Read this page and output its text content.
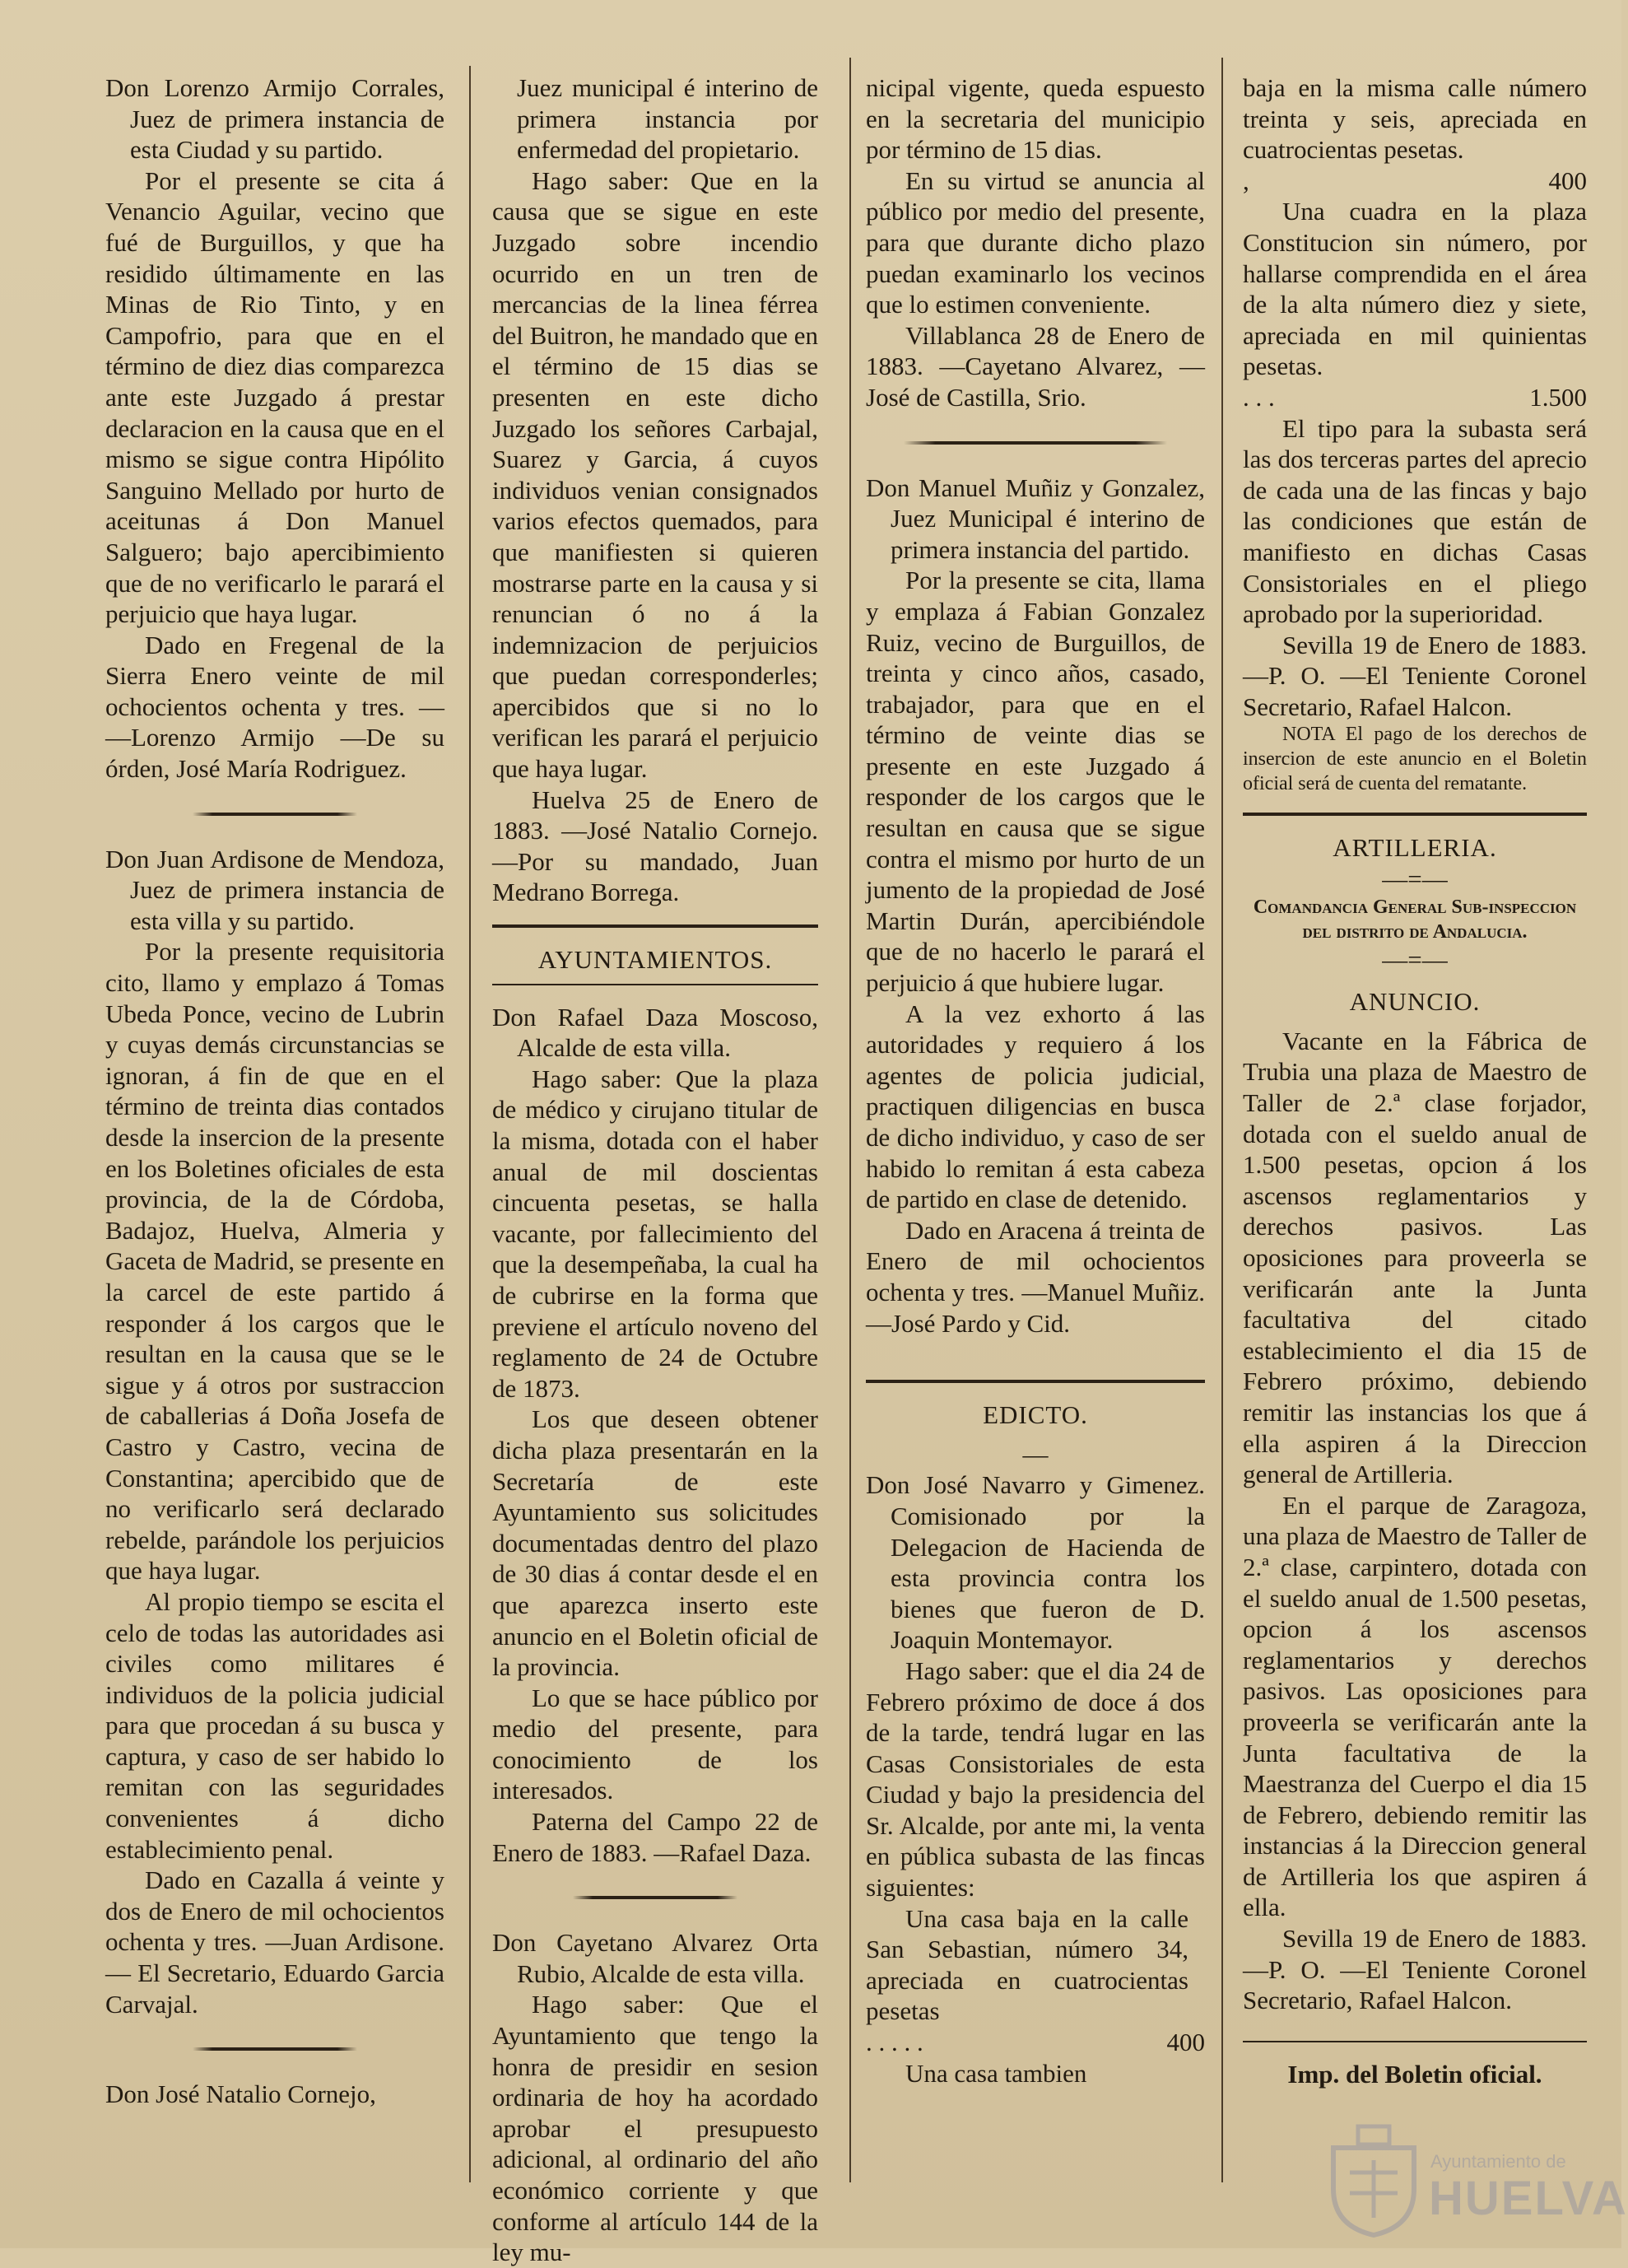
Don Lorenzo Armijo Corrales, Juez de primera instancia de esta Ciudad y su partido.

Por el presente se cita á Venancio Aguilar, vecino que fué de Burguillos, y que ha residido últimamente en las Minas de Rio Tinto, y en Campofrio, para que en el término de diez dias comparezca ante este Juzgado á prestar declaracion en la causa que en el mismo se sigue contra Hipólito Sanguino Mellado por hurto de aceitunas á Don Manuel Salguero; bajo apercibimiento que de no verificarlo le parará el perjuicio que haya lugar.

Dado en Fregenal de la Sierra Enero veinte de mil ochocientos ochenta y tres. — —Lorenzo Armijo —De su órden, José María Rodriguez.

Don Juan Ardisone de Mendoza, Juez de primera instancia de esta villa y su partido.

Por la presente requisitoria cito, llamo y emplazo á Tomas Ubeda Ponce, vecino de Lubrin y cuyas demás circunstancias se ignoran, á fin de que en el término de treinta dias contados desde la insercion de la presente en los Boletines oficiales de esta provincia, de la de Córdoba, Badajoz, Huelva, Almeria y Gaceta de Madrid, se presente en la carcel de este partido á responder á los cargos que le resultan en la causa que se le sigue y á otros por sustraccion de caballerias á Doña Josefa de Castro y Castro, vecina de Constantina; apercibido que de no verificarlo será declarado rebelde, parándole los perjuicios que haya lugar.

Al propio tiempo se escita el celo de todas las autoridades asi civiles como militares é individuos de la policia judicial para que procedan á su busca y captura, y caso de ser habido lo remitan con las seguridades convenientes á dicho establecimiento penal.

Dado en Cazalla á veinte y dos de Enero de mil ochocientos ochenta y tres. —Juan Ardisone. — El Secretario, Eduardo Garcia Carvajal.

Don José Natalio Cornejo,

Juez municipal é interino de primera instancia por enfermedad del propietario.

Hago saber: Que en la causa que se sigue en este Juzgado sobre incendio ocurrido en un tren de mercancias de la linea férrea del Buitron, he mandado que en el término de 15 dias se presenten en este dicho Juzgado los señores Carbajal, Suarez y Garcia, á cuyos individuos venian consignados varios efectos quemados, para que manifiesten si quieren mostrarse parte en la causa y si renuncian ó no á la indemnizacion de perjuicios que puedan corresponderles; apercibidos que si no lo verifican les parará el perjuicio que haya lugar.

Huelva 25 de Enero de 1883. —José Natalio Cornejo. —Por su mandado, Juan Medrano Borrega.

AYUNTAMIENTOS.

Don Rafael Daza Moscoso, Alcalde de esta villa.

Hago saber: Que la plaza de médico y cirujano titular de la misma, dotada con el haber anual de mil doscientas cincuenta pesetas, se halla vacante, por fallecimiento del que la desempeñaba, la cual ha de cubrirse en la forma que previene el artículo noveno del reglamento de 24 de Octubre de 1873.

Los que deseen obtener dicha plaza presentarán en la Secretaría de este Ayuntamiento sus solicitudes documentadas dentro del plazo de 30 dias á contar desde el en que aparezca inserto este anuncio en el Boletin oficial de la provincia.

Lo que se hace público por medio del presente, para conocimiento de los interesados.

Paterna del Campo 22 de Enero de 1883. —Rafael Daza.

Don Cayetano Alvarez Orta Rubio, Alcalde de esta villa.

Hago saber: Que el Ayuntamiento que tengo la honra de presidir en sesion ordinaria de hoy ha acordado aprobar el presupuesto adicional, al ordinario del año económico corriente y que conforme al artículo 144 de la ley mu-

nicipal vigente, queda espuesto en la secretaria del municipio por término de 15 dias.

En su virtud se anuncia al público por medio del presente, para que durante dicho plazo puedan examinarlo los vecinos que lo estimen conveniente.

Villablanca 28 de Enero de 1883. —Cayetano Alvarez, —José de Castilla, Srio.

Don Manuel Muñiz y Gonzalez, Juez Municipal é interino de primera instancia del partido.

Por la presente se cita, llama y emplaza á Fabian Gonzalez Ruiz, vecino de Burguillos, de treinta y cinco años, casado, trabajador, para que en el término de veinte dias se presente en este Juzgado á responder de los cargos que le resultan en causa que se sigue contra el mismo por hurto de un jumento de la propiedad de José Martin Durán, apercibiéndole que de no hacerlo le parará el perjuicio á que hubiere lugar.

A la vez exhorto á las autoridades y requiero á los agentes de policia judicial, practiquen diligencias en busca de dicho individuo, y caso de ser habido lo remitan á esta cabeza de partido en clase de detenido.

Dado en Aracena á treinta de Enero de mil ochocientos ochenta y tres. —Manuel Muñiz. —José Pardo y Cid.

EDICTO.

—

Don José Navarro y Gimenez. Comisionado por la Delegacion de Hacienda de esta provincia contra los bienes que fueron de D. Joaquin Montemayor.

Hago saber: que el dia 24 de Febrero próximo de doce á dos de la tarde, tendrá lugar en las Casas Consistoriales de esta Ciudad y bajo la presidencia del Sr. Alcalde, por ante mi, la venta en pública subasta de las fincas siguientes:

Una casa baja en la calle San Sebastian, número 34, apreciada en cuatrocientas pesetas

. . . . .	400

Una casa tambien

baja en la misma calle número treinta y seis, apreciada en cuatrocientas pesetas.

,	400

Una cuadra en la plaza Constitucion sin número, por hallarse comprendida en el área de la alta número diez y siete, apreciada en mil quinientas pesetas.

. . .	1.500

El tipo para la subasta será las dos terceras partes del aprecio de cada una de las fincas y bajo las condiciones que están de manifiesto en dichas Casas Consistoriales en el pliego aprobado por la superioridad.

Sevilla 19 de Enero de 1883. —P. O. —El Teniente Coronel Secretario, Rafael Halcon.

NOTA El pago de los derechos de insercion de este anuncio en el Boletin oficial será de cuenta del rematante.

ARTILLERIA.

—=—

Comandancia General Sub-inspeccion del distrito de Andalucia.

—=—

ANUNCIO.

Vacante en la Fábrica de Trubia una plaza de Maestro de Taller de 2.ª clase forjador, dotada con el sueldo anual de 1.500 pesetas, opcion á los ascensos reglamentarios y derechos pasivos. Las oposiciones para proveerla se verificarán ante la Junta facultativa del citado establecimiento el dia 15 de Febrero próximo, debiendo remitir las instancias los que á ella aspiren á la Direccion general de Artilleria.

En el parque de Zaragoza, una plaza de Maestro de Taller de 2.ª clase, carpintero, dotada con el sueldo anual de 1.500 pesetas, opcion á los ascensos reglamentarios y derechos pasivos. Las oposiciones para proveerla se verificarán ante la Junta facultativa de la Maestranza del Cuerpo el dia 15 de Febrero, debiendo remitir las instancias á la Direccion general de Artilleria los que aspiren á ella.

Sevilla 19 de Enero de 1883. —P. O. —El Teniente Coronel Secretario, Rafael Halcon.

Imp. del Boletin oficial.

Ayuntamiento de
HUELVA
